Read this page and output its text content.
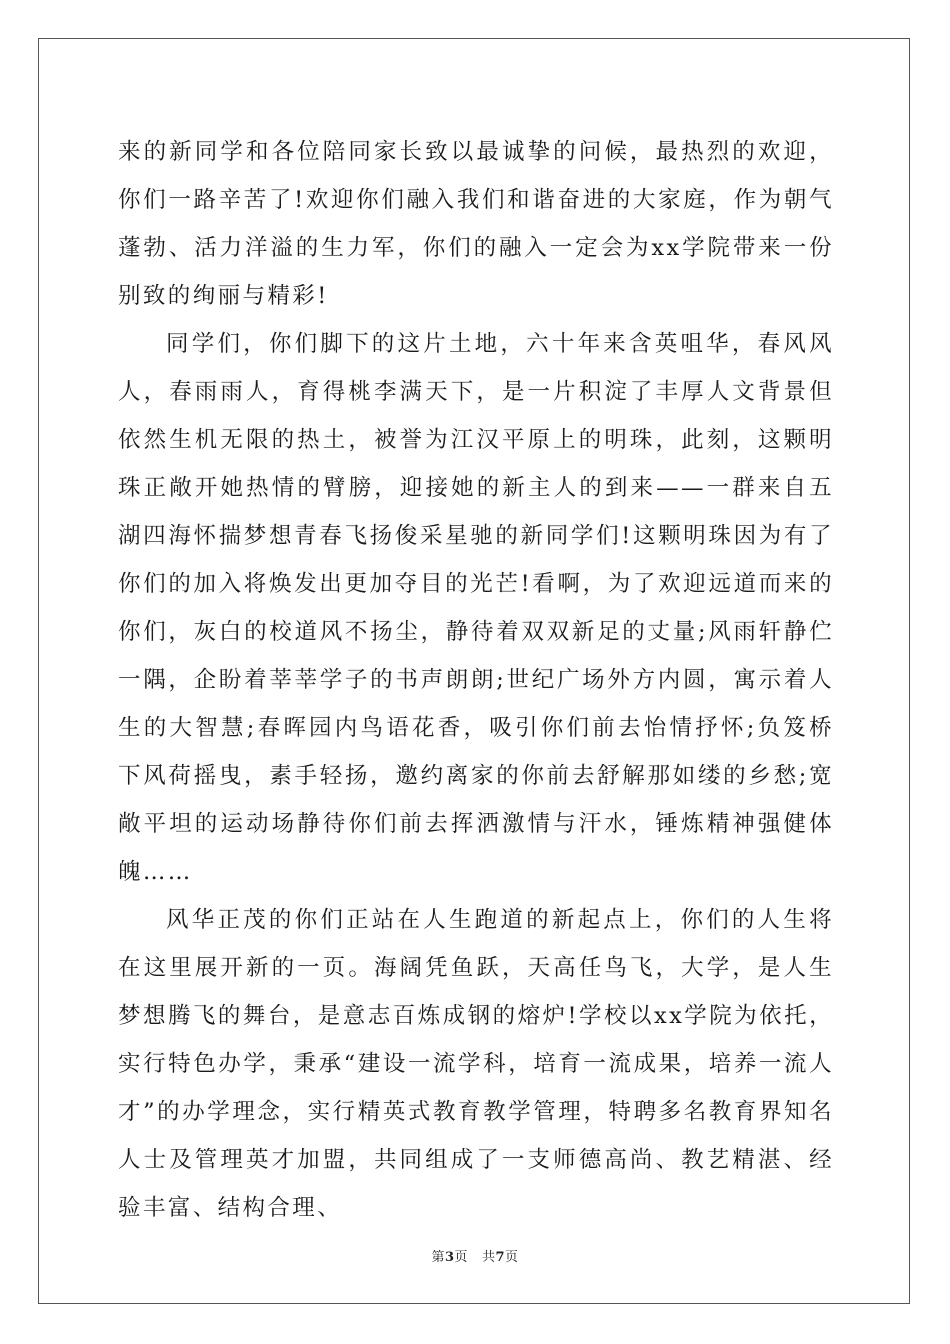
来的新同学和各位陪同家长致以最诚挚的问候，最热烈的欢迎，你们一路辛苦了!欢迎你们融入我们和谐奋进的大家庭，作为朝气蓬勃、活力洋溢的生力军，你们的融入一定会为xx学院带来一份别致的绚丽与精彩!

同学们，你们脚下的这片土地，六十年来含英咀华，春风风人，春雨雨人，育得桃李满天下，是一片积淀了丰厚人文背景但依然生机无限的热土，被誉为江汉平原上的明珠，此刻，这颗明珠正敞开她热情的臂膀，迎接她的新主人的到来——一群来自五湖四海怀揣梦想青春飞扬俊采星驰的新同学们!这颗明珠因为有了你们的加入将焕发出更加夺目的光芒!看啊，为了欢迎远道而来的你们，灰白的校道风不扬尘，静待着双双新足的丈量;风雨轩静伫一隅，企盼着莘莘学子的书声朗朗;世纪广场外方内圆，寓示着人生的大智慧;春晖园内鸟语花香，吸引你们前去怡情抒怀;负笈桥下风荷摇曳，素手轻扬，邀约离家的你前去舒解那如缕的乡愁;宽敞平坦的运动场静待你们前去挥洒激情与汗水，锤炼精神强健体魄……

风华正茂的你们正站在人生跑道的新起点上，你们的人生将在这里展开新的一页。海阔凭鱼跃，天高任鸟飞，大学，是人生梦想腾飞的舞台，是意志百炼成钢的熔炉!学校以xx学院为依托，实行特色办学，秉承“建设一流学科，培育一流成果，培养一流人才”的办学理念，实行精英式教育教学管理，特聘多名教育界知名人士及管理英才加盟，共同组成了一支师德高尚、教艺精湛、经验丰富、结构合理、

第3页 共7页
